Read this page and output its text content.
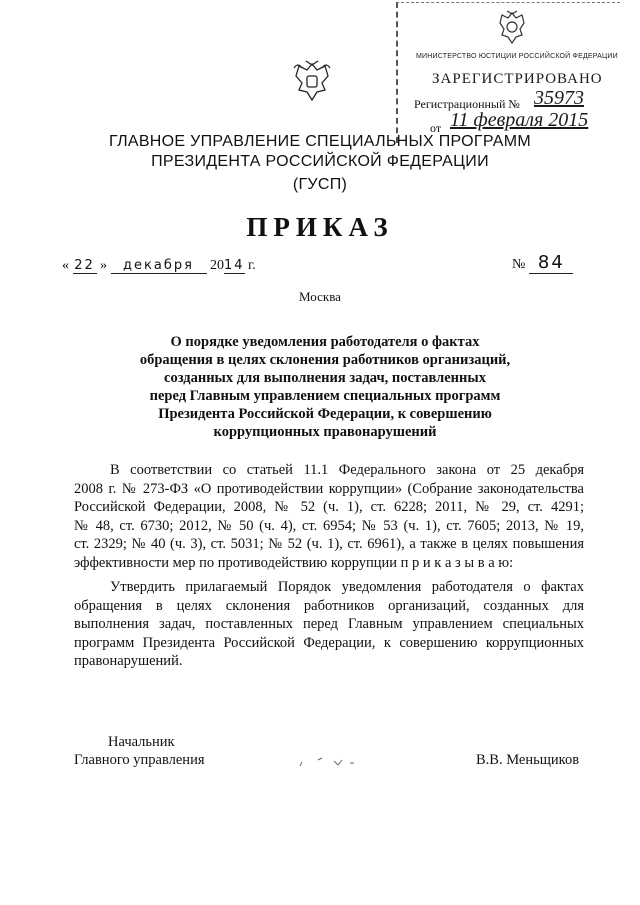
МИНИСТЕРСТВО ЮСТИЦИИ РОССИЙСКОЙ ФЕДЕРАЦИИ
ЗАРЕГИСТРИРОВАНО
Регистрационный № 35973
от 11 февраля 2015
ГЛАВНОЕ УПРАВЛЕНИЕ СПЕЦИАЛЬНЫХ ПРОГРАММ
ПРЕЗИДЕНТА РОССИЙСКОЙ ФЕДЕРАЦИИ
(ГУСП)
ПРИКАЗ
« 22 » декабря 2014 г.	№ 84
Москва
О порядке уведомления работодателя о фактах
обращения в целях склонения работников организаций,
созданных для выполнения задач, поставленных
перед Главным управлением специальных программ
Президента Российской Федерации, к совершению
коррупционных правонарушений
В соответствии со статьей 11.1 Федерального закона от 25 декабря
2008 г. № 273-ФЗ «О противодействии коррупции» (Собрание законодательства
Российской Федерации, 2008, № 52 (ч. 1), ст. 6228; 2011, № 29, ст. 4291;
№ 48, ст. 6730; 2012, № 50 (ч. 4), ст. 6954; № 53 (ч. 1), ст. 7605; 2013, № 19,
ст. 2329; № 40 (ч. 3), ст. 5031; № 52 (ч. 1), ст. 6961), а также в целях повышения
эффективности мер по противодействию коррупции п р и к а з ы в а ю:
Утвердить прилагаемый Порядок уведомления работодателя о фактах
обращения в целях склонения работников организаций, созданных для
выполнения задач, поставленных перед Главным управлением специальных
программ Президента Российской Федерации, к совершению коррупционных
правонарушений.
Начальник
Главного управления	В.В. Меньщиков
